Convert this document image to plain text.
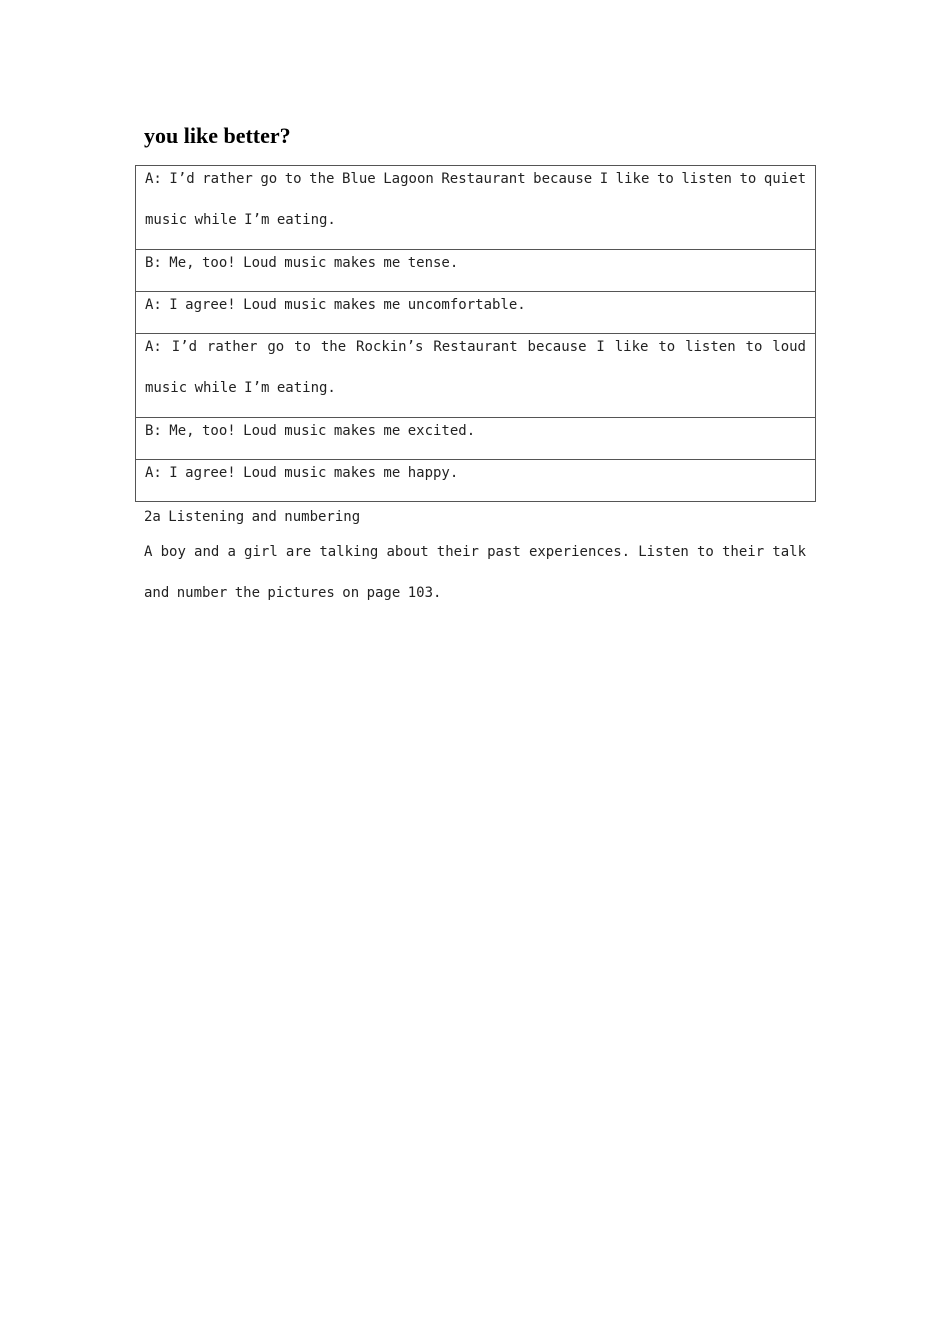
you like better?
A: I’d rather go to the Blue Lagoon Restaurant because I like to listen to quiet music while I’m eating.

B: Me, too! Loud music makes me tense.

A: I agree! Loud music makes me uncomfortable.

A: I’d rather go to the Rockin’s Restaurant because I like to listen to loud music while I’m eating.

B: Me, too! Loud music makes me excited.

A: I agree! Loud music makes me happy.
2a Listening and numbering
A boy and a girl are talking about their past experiences. Listen to their talk and number the pictures on page 103.
